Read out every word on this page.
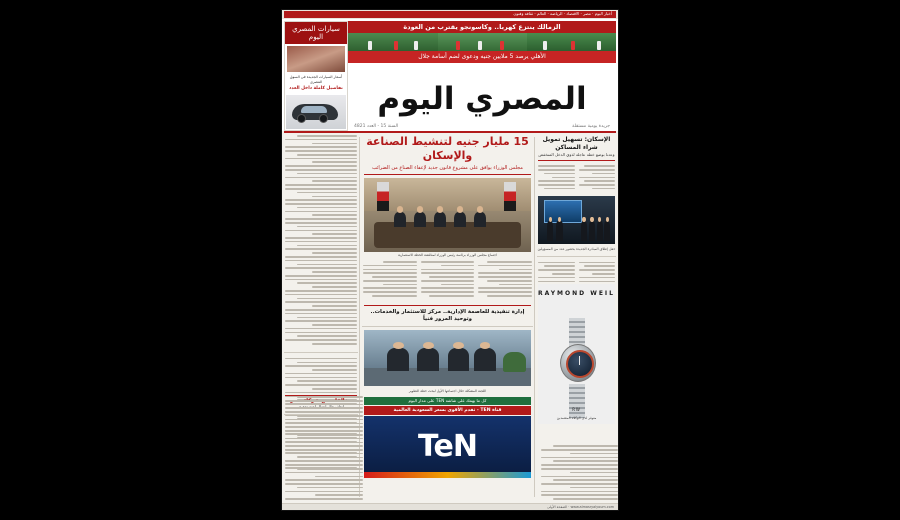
أخبار اليوم · مصر · الاقتصاد · الرياضة · العالم · ثقافة وفنون
سيارات المصري اليوم
أسعار السيارات الجديدة في السوق المصري
تفاصيل كاملة داخل العدد
الزمالك ينتزع كهربا.. وكاسونجو يقترب من العودة
الأهلي يرصد 5 ملايين جنيه ودعوى لضم أسامة جلال
المصري اليوم
جريدة يومية مستقلة
السنة 15 - العدد 4821
الإسكان: تسهيل تمويل شراء المساكن
وعدنا بوضع خطة عاجلة لذوي الدخل المنخفض
حفل إطلاق المبادرة الجديدة بحضور عدد من المسؤولين
RAYMOND WEIL
RW
متوفر لدى الوكلاء المعتمدين
15 مليار جنيه لتنشيط الصناعة والإسكان
مجلس الوزراء يوافق على مشروع قانون جديد لإعفاء الصناع من الضرائب
اجتماع مجلس الوزراء برئاسة رئيس الوزراء لمناقشة الخطة الاستثمارية
إدارة تنفيذية للعاصمة الإدارية.. مركز للاستثمار والخدمات.. وتوحيد المرور فنياً
اللجنة المشكلة خلال اجتماعها الأول لبحث خطة التطوير
كل ما يهمك على شاشة TEN على مدار اليوم
قناة TEN - تقدم الأقوى بسعر السعودية العالمية
TeN
www.almasryalyoum.com · الصفحة الأولى
